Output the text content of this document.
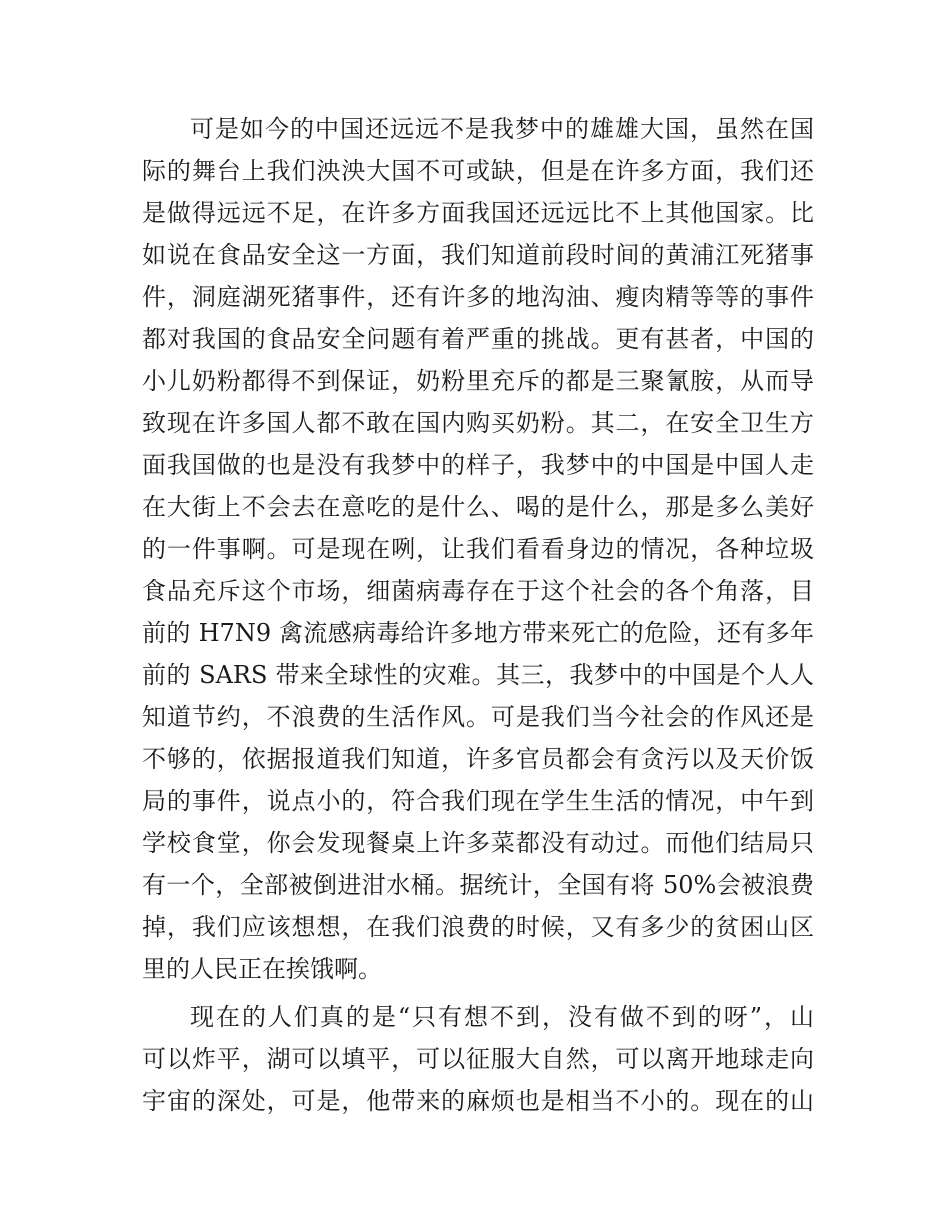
可是如今的中国还远远不是我梦中的雄雄大国，虽然在国
际的舞台上我们泱泱大国不可或缺，但是在许多方面，我们还
是做得远远不足，在许多方面我国还远远比不上其他国家。比
如说在食品安全这一方面，我们知道前段时间的黄浦江死猪事
件，洞庭湖死猪事件，还有许多的地沟油、瘦肉精等等的事件
都对我国的食品安全问题有着严重的挑战。更有甚者，中国的
小儿奶粉都得不到保证，奶粉里充斥的都是三聚氰胺，从而导
致现在许多国人都不敢在国内购买奶粉。其二，在安全卫生方
面我国做的也是没有我梦中的样子，我梦中的中国是中国人走
在大街上不会去在意吃的是什么、喝的是什么，那是多么美好
的一件事啊。可是现在咧，让我们看看身边的情况，各种垃圾
食品充斥这个市场，细菌病毒存在于这个社会的各个角落，目
前的 H7N9 禽流感病毒给许多地方带来死亡的危险，还有多年
前的 SARS 带来全球性的灾难。其三，我梦中的中国是个人人
知道节约，不浪费的生活作风。可是我们当今社会的作风还是
不够的，依据报道我们知道，许多官员都会有贪污以及天价饭
局的事件，说点小的，符合我们现在学生生活的情况，中午到
学校食堂，你会发现餐桌上许多菜都没有动过。而他们结局只
有一个，全部被倒进泔水桶。据统计，全国有将 50%会被浪费
掉，我们应该想想，在我们浪费的时候，又有多少的贫困山区
里的人民正在挨饿啊。
现在的人们真的是“只有想不到，没有做不到的呀”，山
可以炸平，湖可以填平，可以征服大自然，可以离开地球走向
宇宙的深处，可是，他带来的麻烦也是相当不小的。现在的山
